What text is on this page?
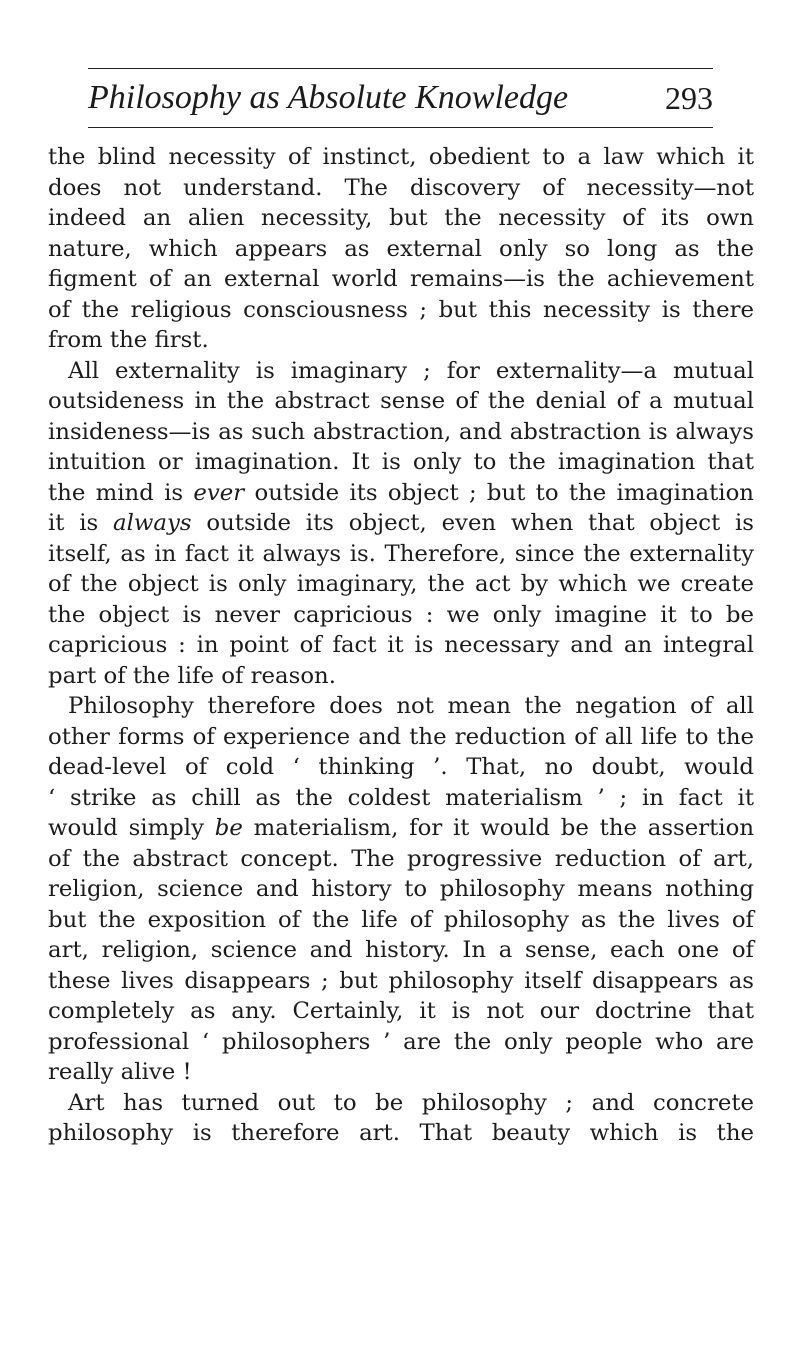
Philosophy as Absolute Knowledge	293
the blind necessity of instinct, obedient to a law which it
does not understand. The discovery of necessity—not
indeed an alien necessity, but the necessity of its own
nature, which appears as external only so long as the
figment of an external world remains—is the achievement
of the religious consciousness ; but this necessity is there
from the first.
All externality is imaginary ; for externality—a mutual
outsideness in the abstract sense of the denial of a mutual
insideness—is as such abstraction, and abstraction is always
intuition or imagination. It is only to the imagination that
the mind is ever outside its object ; but to the imagination
it is always outside its object, even when that object is
itself, as in fact it always is. Therefore, since the externality
of the object is only imaginary, the act by which we create
the object is never capricious : we only imagine it to be
capricious : in point of fact it is necessary and an integral
part of the life of reason.
Philosophy therefore does not mean the negation of all
other forms of experience and the reduction of all life to the
dead-level of cold ‘ thinking ’. That, no doubt, would
‘ strike as chill as the coldest materialism ’ ; in fact it
would simply be materialism, for it would be the assertion
of the abstract concept. The progressive reduction of art,
religion, science and history to philosophy means nothing
but the exposition of the life of philosophy as the lives of
art, religion, science and history. In a sense, each one of
these lives disappears ; but philosophy itself disappears as
completely as any. Certainly, it is not our doctrine that
professional ‘ philosophers ’ are the only people who are
really alive !
Art has turned out to be philosophy ; and concrete
philosophy is therefore art. That beauty which is the
